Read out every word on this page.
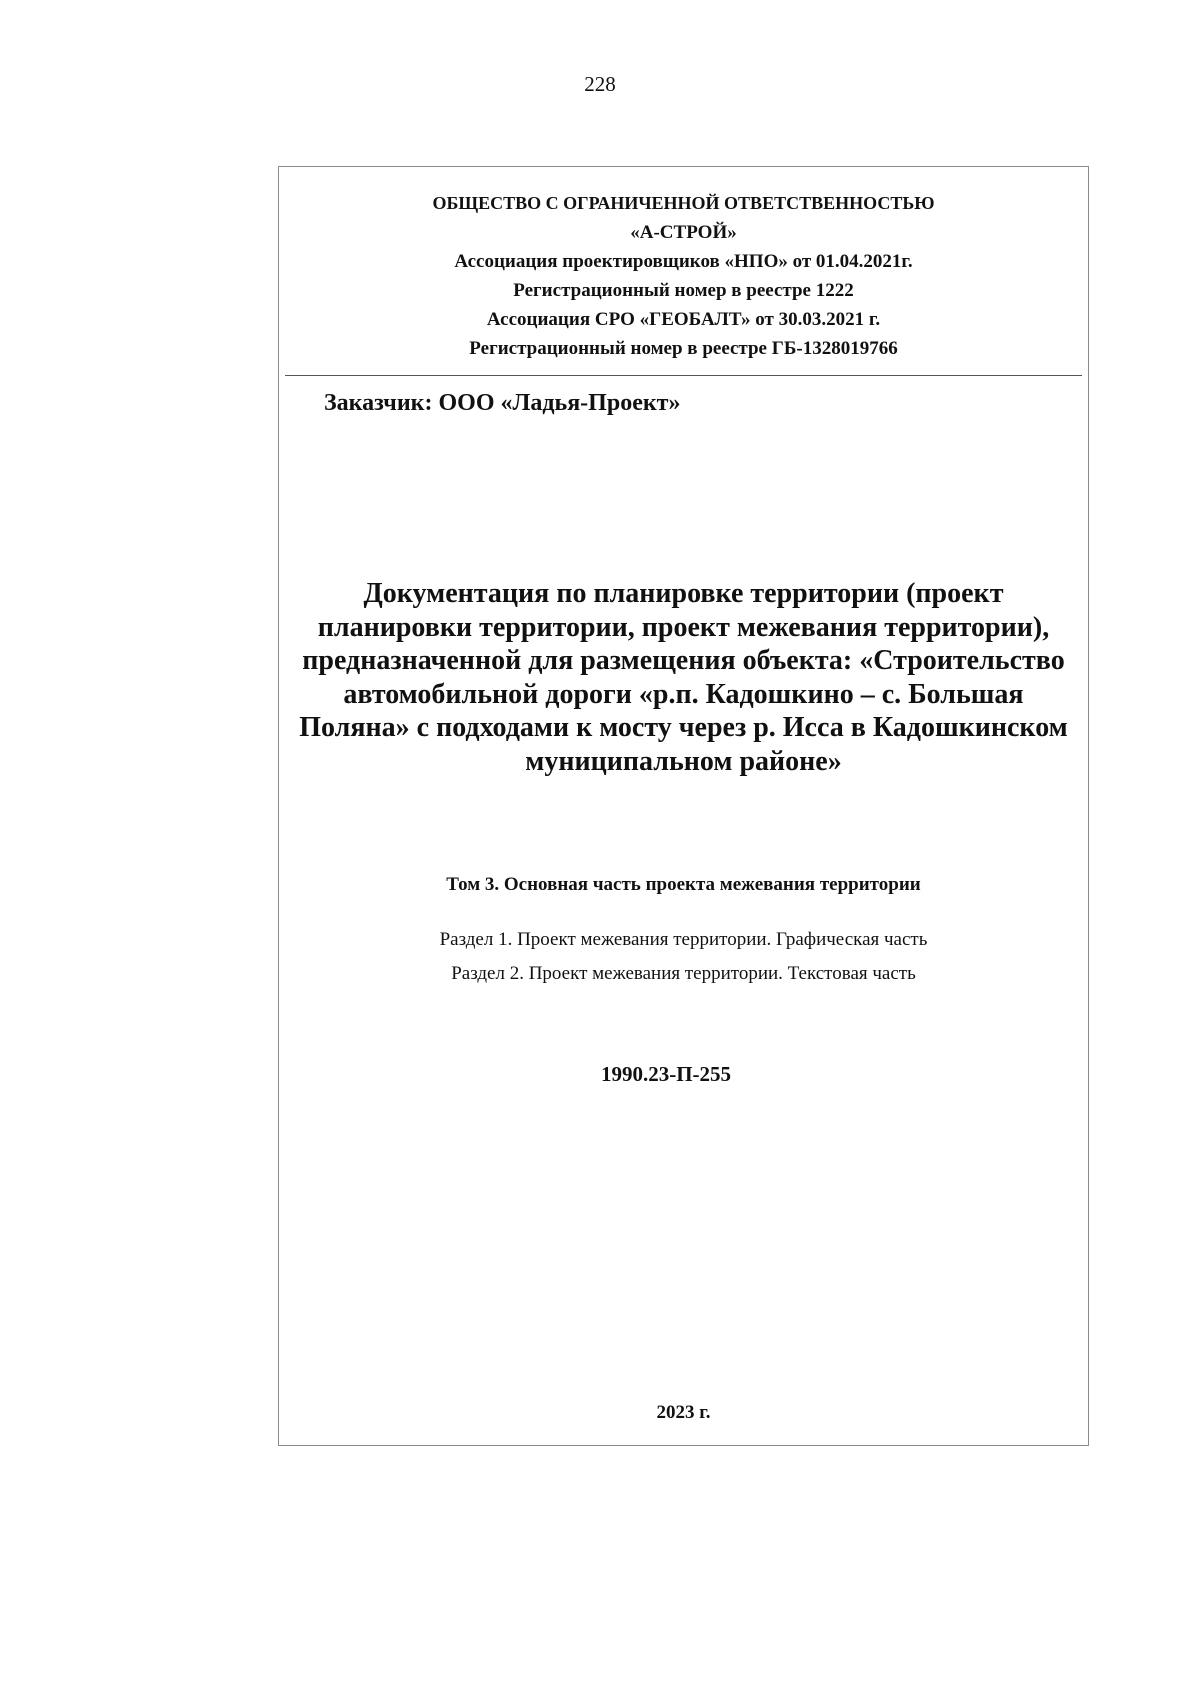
228
ОБЩЕСТВО С ОГРАНИЧЕННОЙ ОТВЕТСТВЕННОСТЬЮ
«А-СТРОЙ»
Ассоциация проектировщиков «НПО» от 01.04.2021г.
Регистрационный номер в реестре 1222
Ассоциация СРО «ГЕОБАЛТ» от 30.03.2021 г.
Регистрационный номер в реестре ГБ-1328019766
Заказчик: ООО «Ладья-Проект»
Документация по планировке территории (проект
планировки территории, проект межевания территории),
предназначенной для размещения объекта: «Строительство
автомобильной дороги «р.п. Кадошкино – с. Большая
Поляна» с подходами к мосту через р. Исса в Кадошкинском
муниципальном районе»
Том 3. Основная часть проекта межевания территории
Раздел 1. Проект межевания территории. Графическая часть
Раздел 2. Проект межевания территории. Текстовая часть
1990.23-П-255
2023 г.
